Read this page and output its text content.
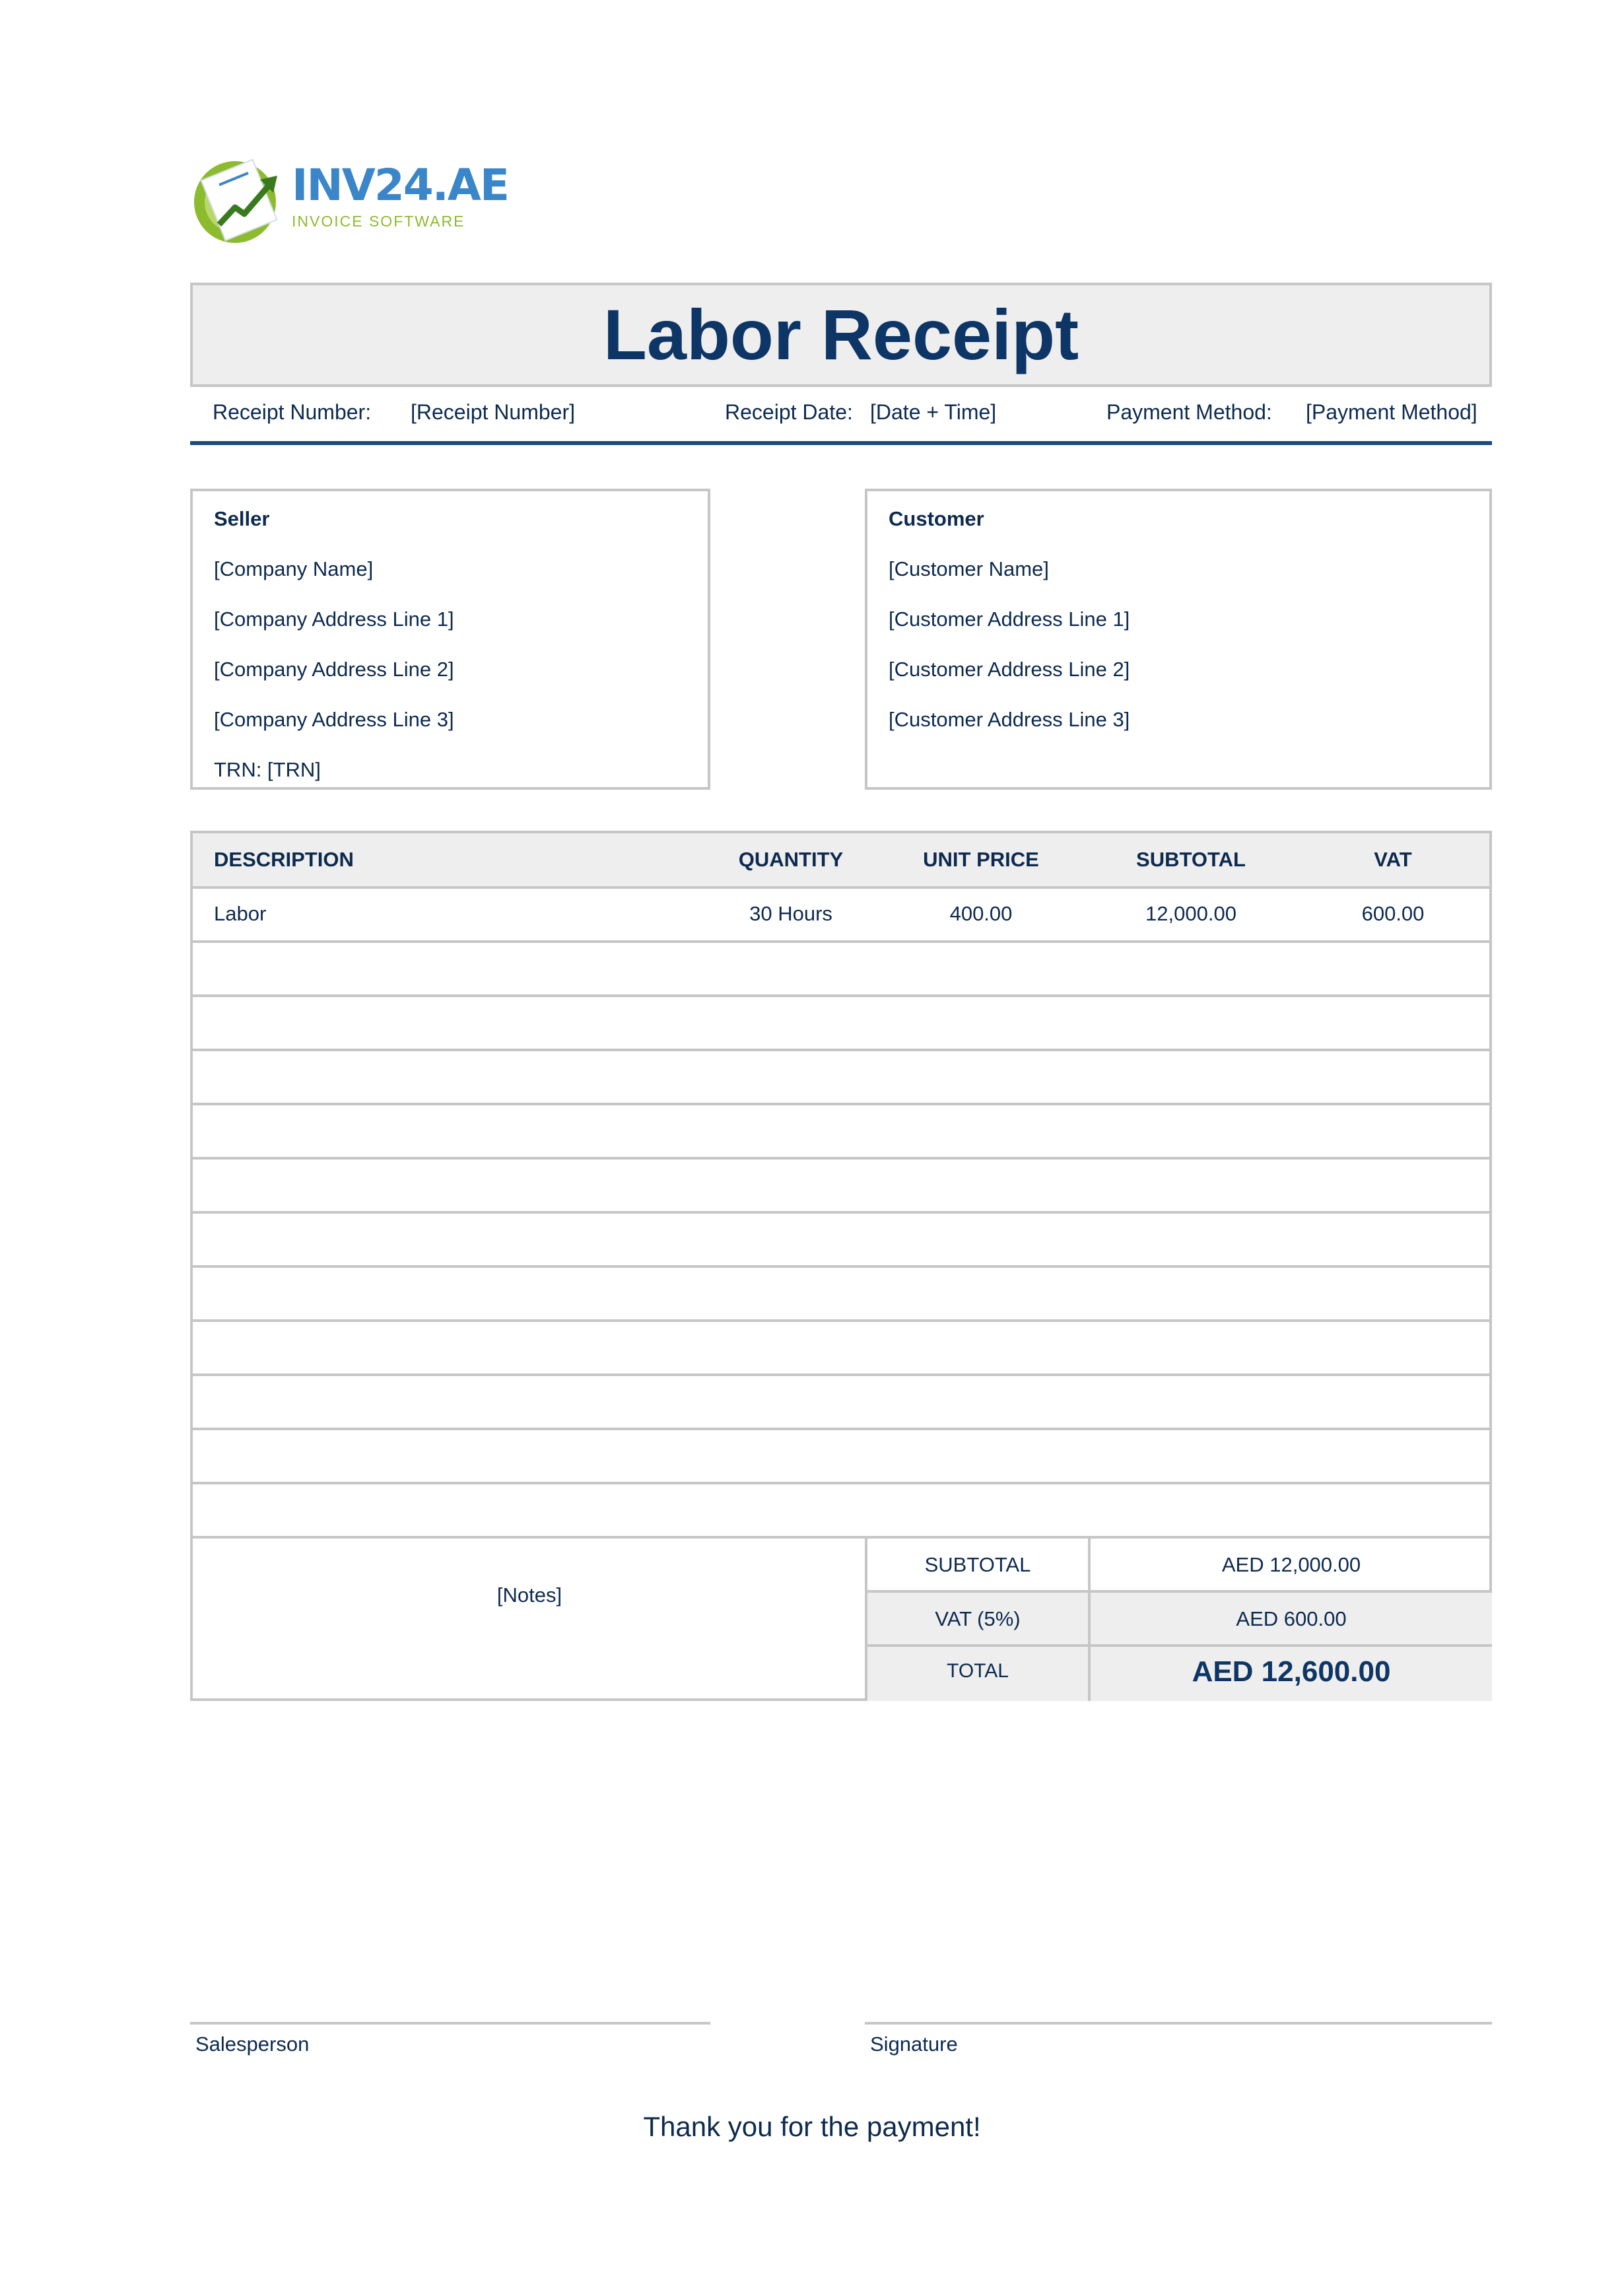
INV24.AE
INVOICE SOFTWARE
Labor Receipt
Receipt Number: [Receipt Number]	Receipt Date: [Date + Time]	Payment Method: [Payment Method]
Seller
[Company Name]
[Company Address Line 1]
[Company Address Line 2]
[Company Address Line 3]
TRN: [TRN]
Customer
[Customer Name]
[Customer Address Line 1]
[Customer Address Line 2]
[Customer Address Line 3]
DESCRIPTION	QUANTITY	UNIT PRICE	SUBTOTAL	VAT
Labor	30 Hours	400.00	12,000.00	600.00
[Notes]
SUBTOTAL	AED 12,000.00
VAT (5%)	AED 600.00
TOTAL	AED 12,600.00
Salesperson	Signature
Thank you for the payment!
